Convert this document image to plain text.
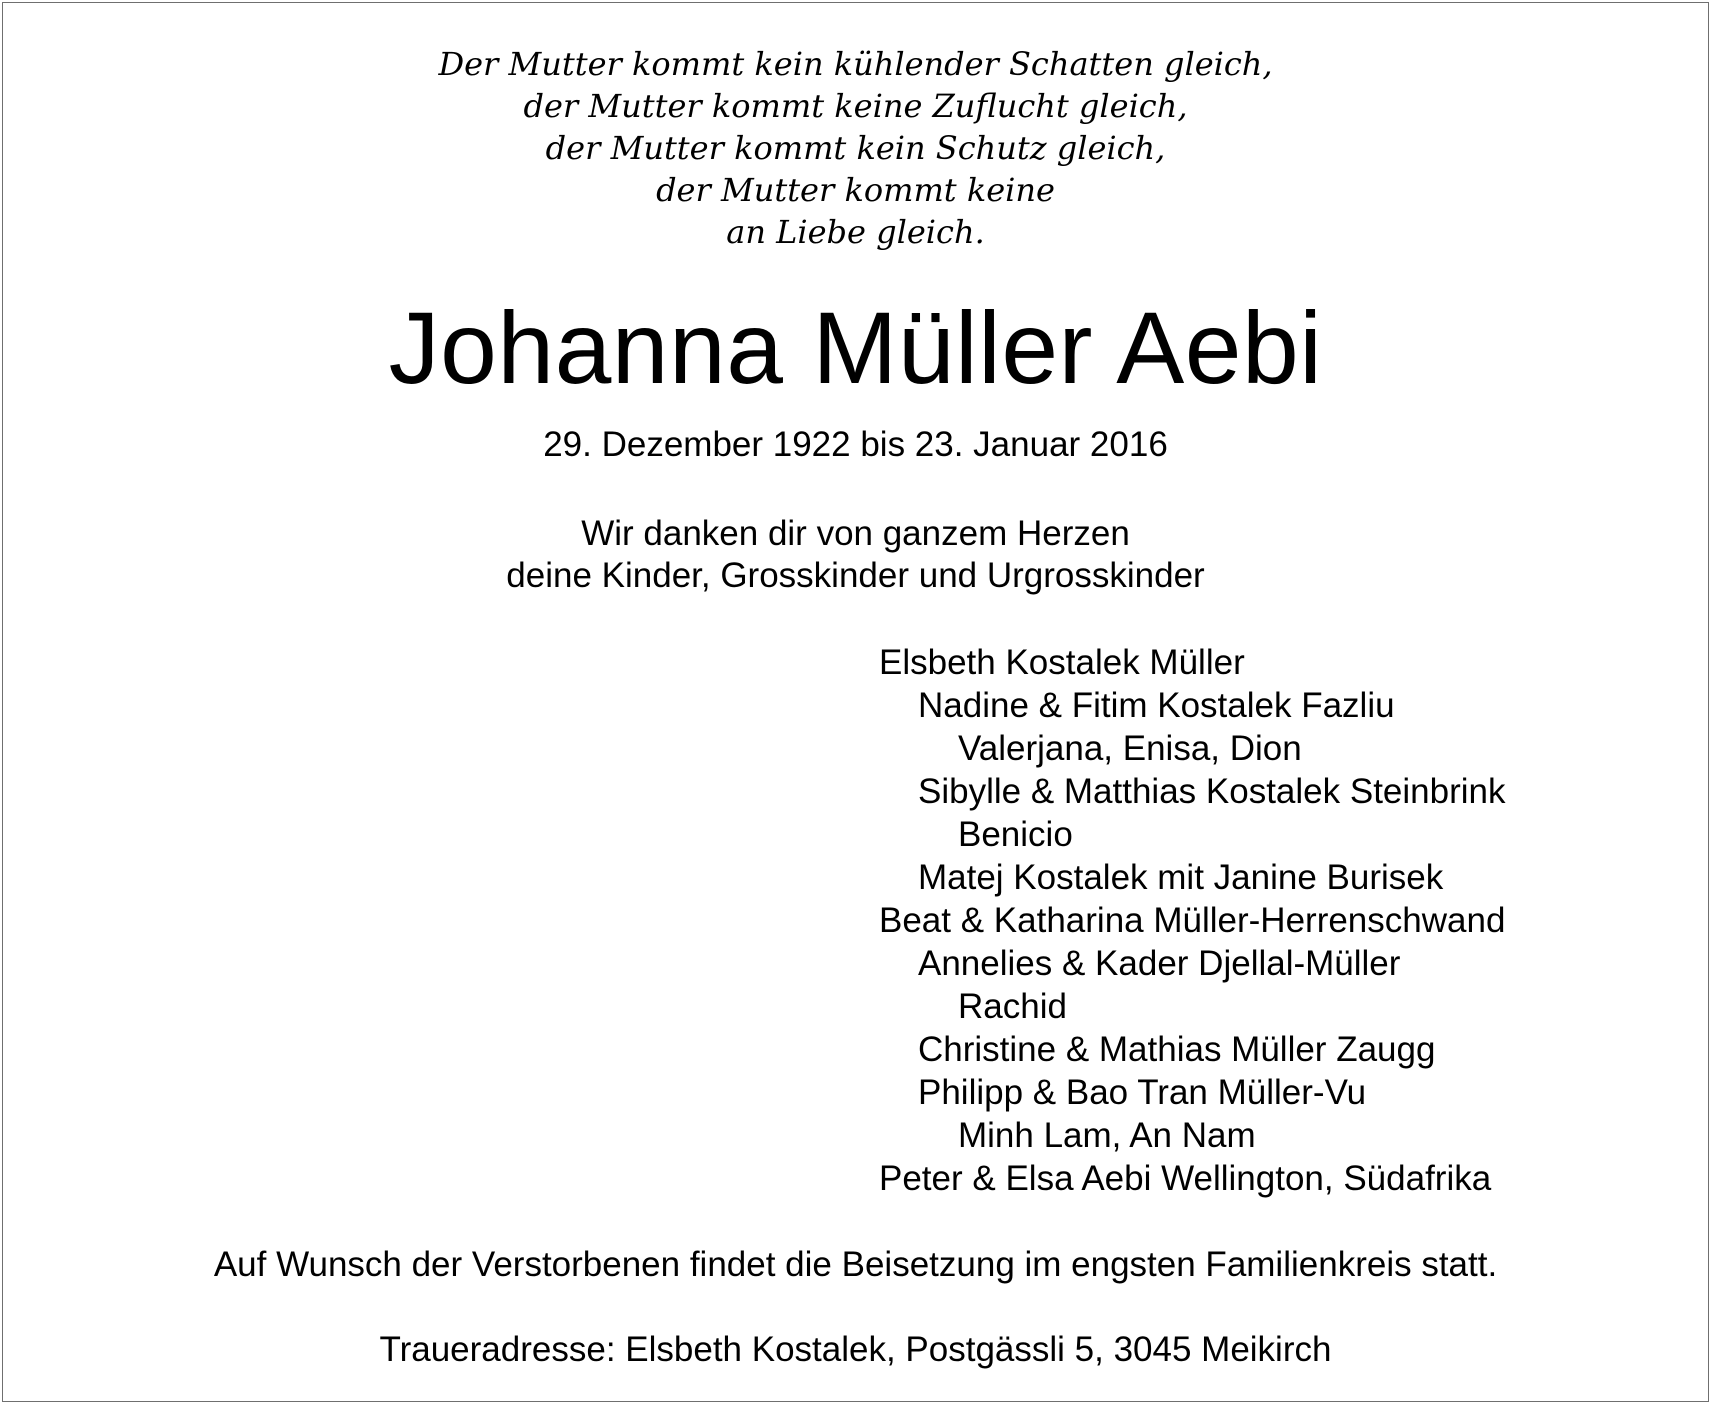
Der Mutter kommt kein kühlender Schatten gleich,
der Mutter kommt keine Zuflucht gleich,
der Mutter kommt kein Schutz gleich,
der Mutter kommt keine
an Liebe gleich.
Johanna Müller Aebi
29. Dezember 1922 bis 23. Januar 2016
Wir danken dir von ganzem Herzen
deine Kinder, Grosskinder und Urgrosskinder
Elsbeth Kostalek Müller
Nadine & Fitim Kostalek Fazliu
Valerjana, Enisa, Dion
Sibylle & Matthias Kostalek Steinbrink
Benicio
Matej Kostalek mit Janine Burisek
Beat & Katharina Müller-Herrenschwand
Annelies & Kader Djellal-Müller
Rachid
Christine & Mathias Müller Zaugg
Philipp & Bao Tran Müller-Vu
Minh Lam, An Nam
Peter & Elsa Aebi Wellington, Südafrika
Auf Wunsch der Verstorbenen findet die Beisetzung im engsten Familienkreis statt.
Traueradresse: Elsbeth Kostalek, Postgässli 5, 3045 Meikirch
